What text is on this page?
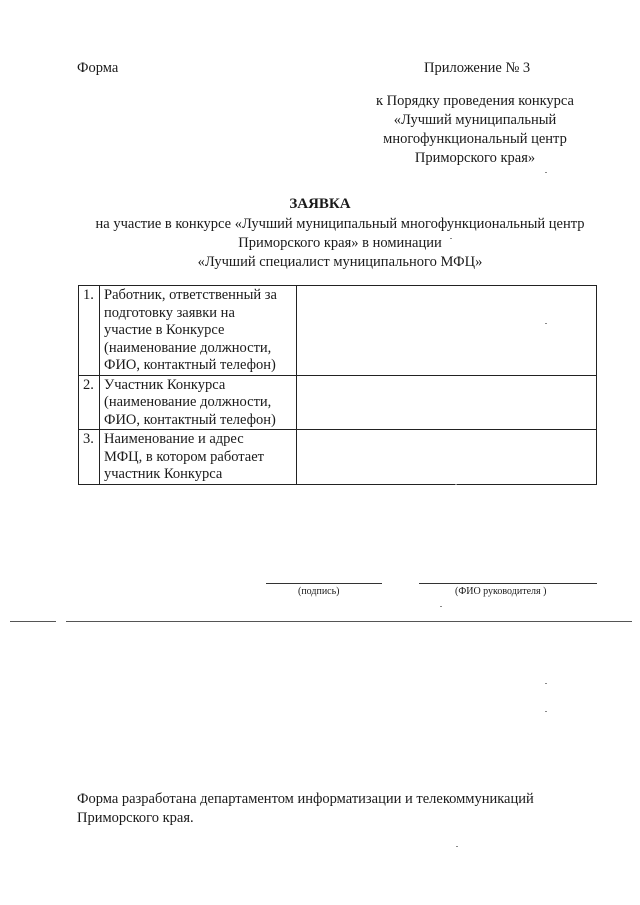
Форма	Приложение № 3
к Порядку проведения конкурса
«Лучший муниципальный
многофункциональный центр
Приморского края»
ЗАЯВКА
на участие в конкурсе «Лучший муниципальный многофункциональный центр
Приморского края» в номинации
«Лучший специалист муниципального МФЦ»
1.	Работник, ответственный за
подготовку заявки на
участие в Конкурсе
(наименование должности,
ФИО, контактный телефон)	

2.	Участник Конкурса
(наименование должности,
ФИО, контактный телефон)	

3.	Наименование и адрес
МФЦ, в котором работает
участник Конкурса	

(подпись)	(ФИО руководителя )
Форма разработана департаментом информатизации и телекоммуникаций
Приморского края.
